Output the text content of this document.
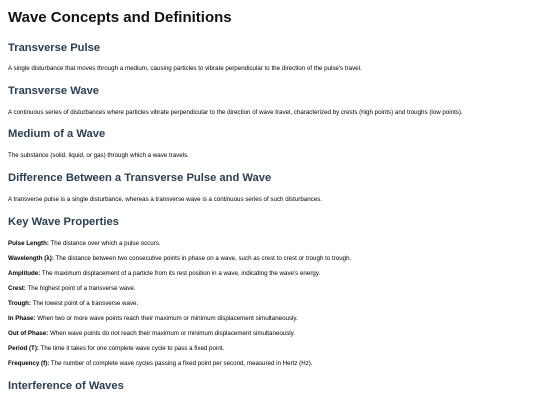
Wave Concepts and Definitions
Transverse Pulse

A single disturbance that moves through a medium, causing particles to vibrate perpendicular to the direction of the pulse's travel.

Transverse Wave

A continuous series of disturbances where particles vibrate perpendicular to the direction of wave travel, characterized by crests (high points) and troughs (low points).

Medium of a Wave

The substance (solid, liquid, or gas) through which a wave travels.

Difference Between a Transverse Pulse and Wave

A transverse pulse is a single disturbance, whereas a transverse wave is a continuous series of such disturbances.

Key Wave Properties

Pulse Length: The distance over which a pulse occurs.

Wavelength (λ): The distance between two consecutive points in phase on a wave, such as crest to crest or trough to trough.

Amplitude: The maximum displacement of a particle from its rest position in a wave, indicating the wave's energy.

Crest: The highest point of a transverse wave.

Trough: The lowest point of a transverse wave.

In Phase: When two or more wave points reach their maximum or minimum displacement simultaneously.

Out of Phase: When wave points do not reach their maximum or minimum displacement simultaneously.

Period (T): The time it takes for one complete wave cycle to pass a fixed point.

Frequency (f): The number of complete wave cycles passing a fixed point per second, measured in Hertz (Hz).

Interference of Waves
